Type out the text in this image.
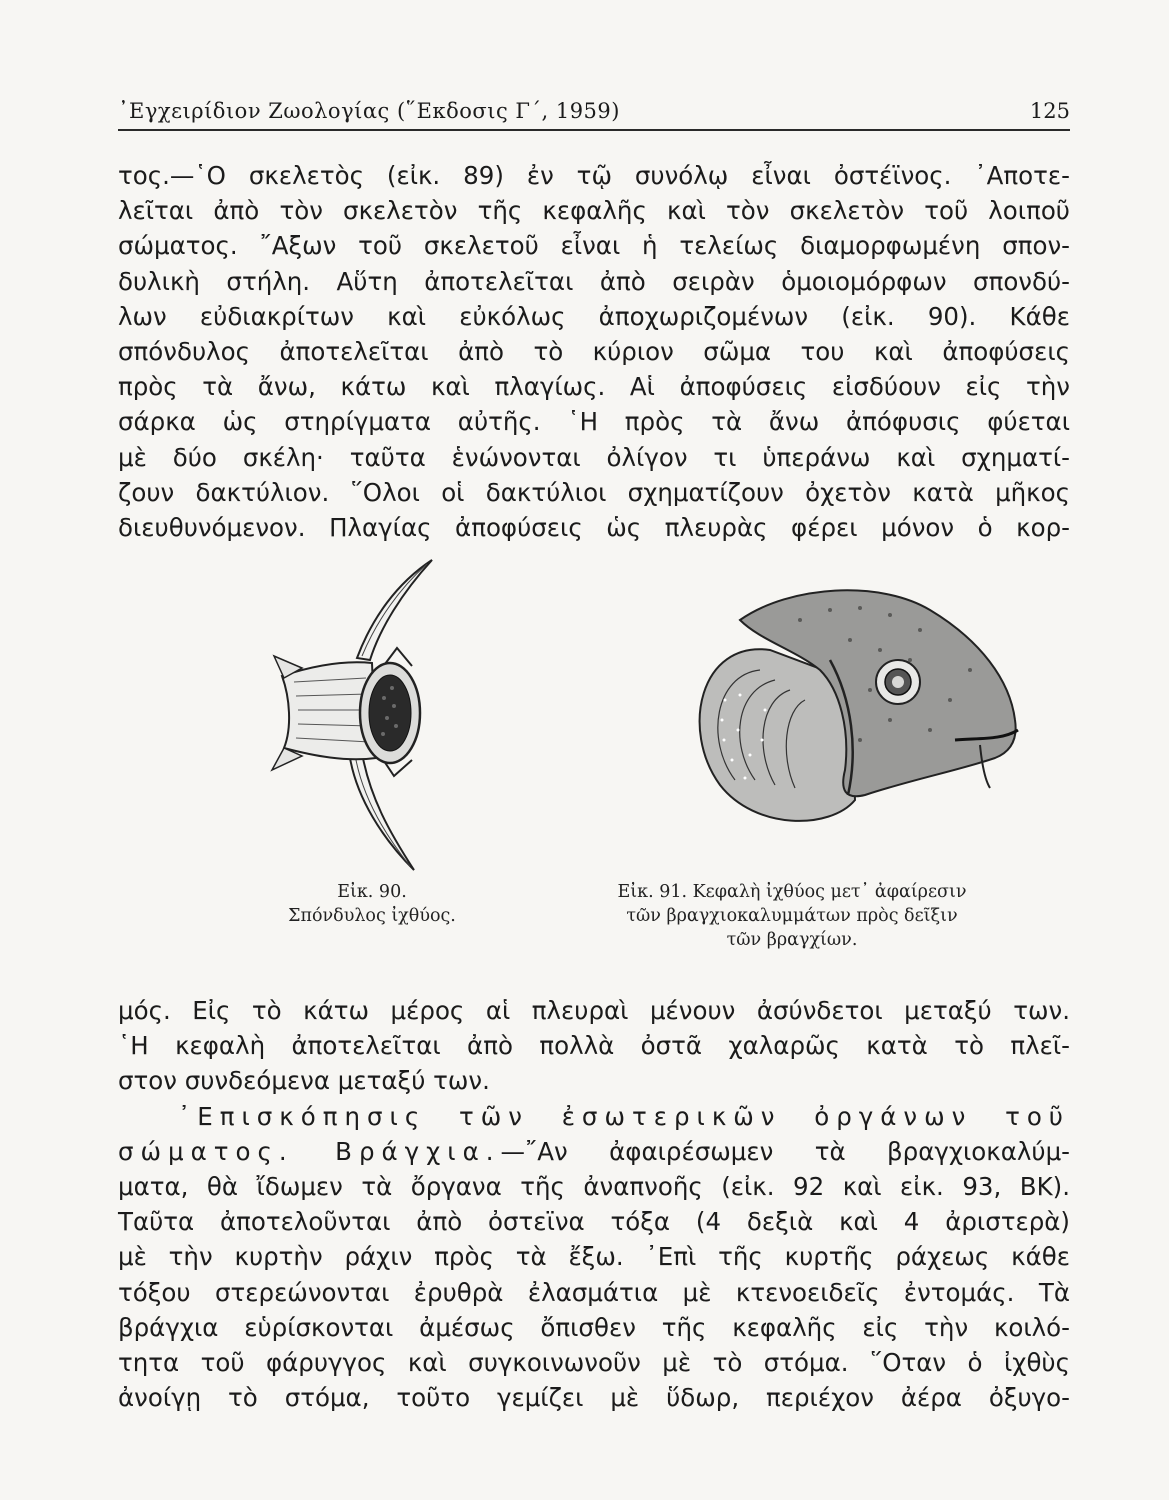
᾿Εγχειρίδιον Ζωολογίας (῞Εκδοσις Γ΄, 1959)	125
τος.—῾Ο σκελετὸς (εἰκ. 89) ἐν τῷ συνόλῳ εἶναι ὀστέϊνος. ᾿Αποτε-
λεῖται ἀπὸ τὸν σκελετὸν τῆς κεφαλῆς καὶ τὸν σκελετὸν τοῦ λοιποῦ
σώματος. ῎Αξων τοῦ σκελετοῦ εἶναι ἡ τελείως διαμορφωμένη σπον-
δυλικὴ στήλη. Αὕτη ἀποτελεῖται ἀπὸ σειρὰν ὁμοιομόρφων σπονδύ-
λων εὐδιακρίτων καὶ εὐκόλως ἀποχωριζομένων (εἰκ. 90). Κάθε
σπόνδυλος ἀποτελεῖται ἀπὸ τὸ κύριον σῶμα του καὶ ἀποφύσεις
πρὸς τὰ ἄνω, κάτω καὶ πλαγίως. Αἱ ἀποφύσεις εἰσδύουν εἰς τὴν
σάρκα ὡς στηρίγματα αὐτῆς. ῾Η πρὸς τὰ ἄνω ἀπόφυσις φύεται
μὲ δύο σκέλη· ταῦτα ἑνώνονται ὀλίγον τι ὑπεράνω καὶ σχηματί-
ζουν δακτύλιον. ῞Ολοι οἱ δακτύλιοι σχηματίζουν ὀχετὸν κατὰ μῆκος
διευθυνόμενον. Πλαγίας ἀποφύσεις ὡς πλευρὰς φέρει μόνον ὁ κορ-
Εἰκ. 90.
Σπόνδυλος ἰχθύος.
Εἰκ. 91. Κεφαλὴ ἰχθύος μετ᾿ ἀφαίρεσιν
τῶν βραγχιοκαλυμμάτων πρὸς δεῖξιν
τῶν βραγχίων.
μός. Εἰς τὸ κάτω μέρος αἱ πλευραὶ μένουν ἀσύνδετοι μεταξύ των.
῾Η κεφαλὴ ἀποτελεῖται ἀπὸ πολλὰ ὀστᾶ χαλαρῶς κατὰ τὸ πλεῖ-
στον συνδεόμενα μεταξύ των.
᾿Επισκόπησις τῶν ἐσωτερικῶν ὀργάνων τοῦ
σώματος. Βράγχια.—῎Αν ἀφαιρέσωμεν τὰ βραγχιοκαλύμ-
ματα, θὰ ἴδωμεν τὰ ὄργανα τῆς ἀναπνοῆς (εἰκ. 92 καὶ εἰκ. 93, ΒΚ).
Ταῦτα ἀποτελοῦνται ἀπὸ ὀστεϊνα τόξα (4 δεξιὰ καὶ 4 ἀριστερὰ)
μὲ τὴν κυρτὴν ράχιν πρὸς τὰ ἔξω. ᾿Επὶ τῆς κυρτῆς ράχεως κάθε
τόξου στερεώνονται ἐρυθρὰ ἐλασμάτια μὲ κτενοειδεῖς ἐντομάς. Τὰ
βράγχια εὑρίσκονται ἀμέσως ὄπισθεν τῆς κεφαλῆς εἰς τὴν κοιλό-
τητα τοῦ φάρυγγος καὶ συγκοινωνοῦν μὲ τὸ στόμα. ῞Οταν ὁ ἰχθὺς
ἀνοίγῃ τὸ στόμα, τοῦτο γεμίζει μὲ ὕδωρ, περιέχον ἀέρα ὀξυγο-
